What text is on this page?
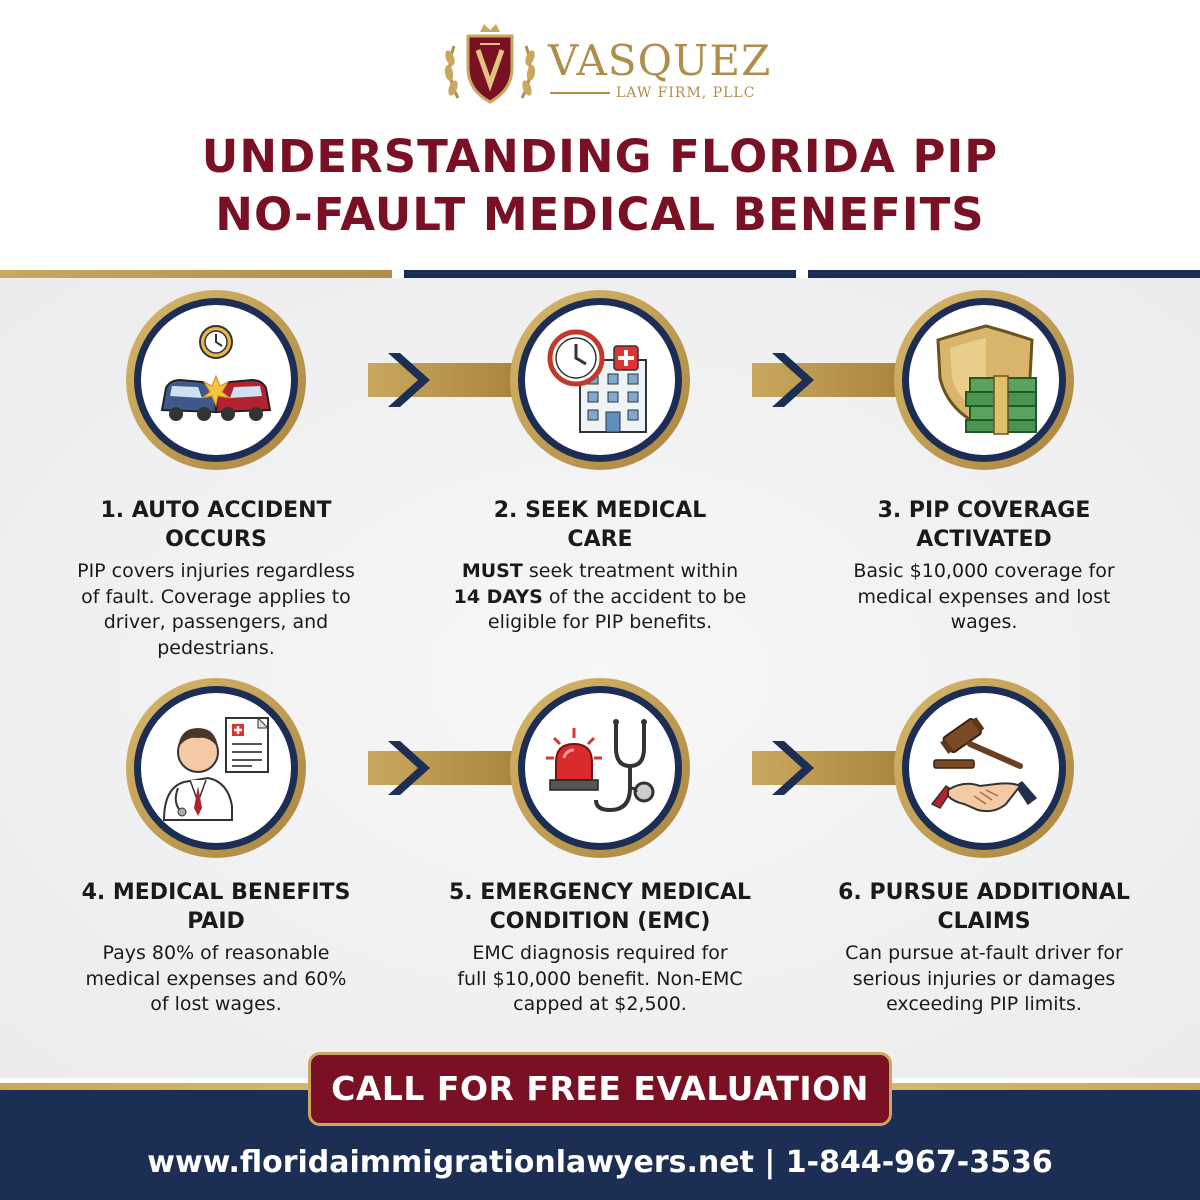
VASQUEZ
LAW FIRM, PLLC
UNDERSTANDING FLORIDA PIP
NO-FAULT MEDICAL BENEFITS
1. AUTO ACCIDENT
OCCURS
PIP covers injuries regardless
of fault. Coverage applies to
driver, passengers, and
pedestrians.
2. SEEK MEDICAL
CARE
MUST seek treatment within
14 DAYS of the accident to be
eligible for PIP benefits.
3. PIP COVERAGE
ACTIVATED
Basic $10,000 coverage for
medical expenses and lost
wages.
4. MEDICAL BENEFITS
PAID
Pays 80% of reasonable
medical expenses and 60%
of lost wages.
5. EMERGENCY MEDICAL
CONDITION (EMC)
EMC diagnosis required for
full $10,000 benefit. Non-EMC
capped at $2,500.
6. PURSUE ADDITIONAL
CLAIMS
Can pursue at-fault driver for
serious injuries or damages
exceeding PIP limits.
CALL FOR FREE EVALUATION
www.floridaimmigrationlawyers.net | 1-844-967-3536
